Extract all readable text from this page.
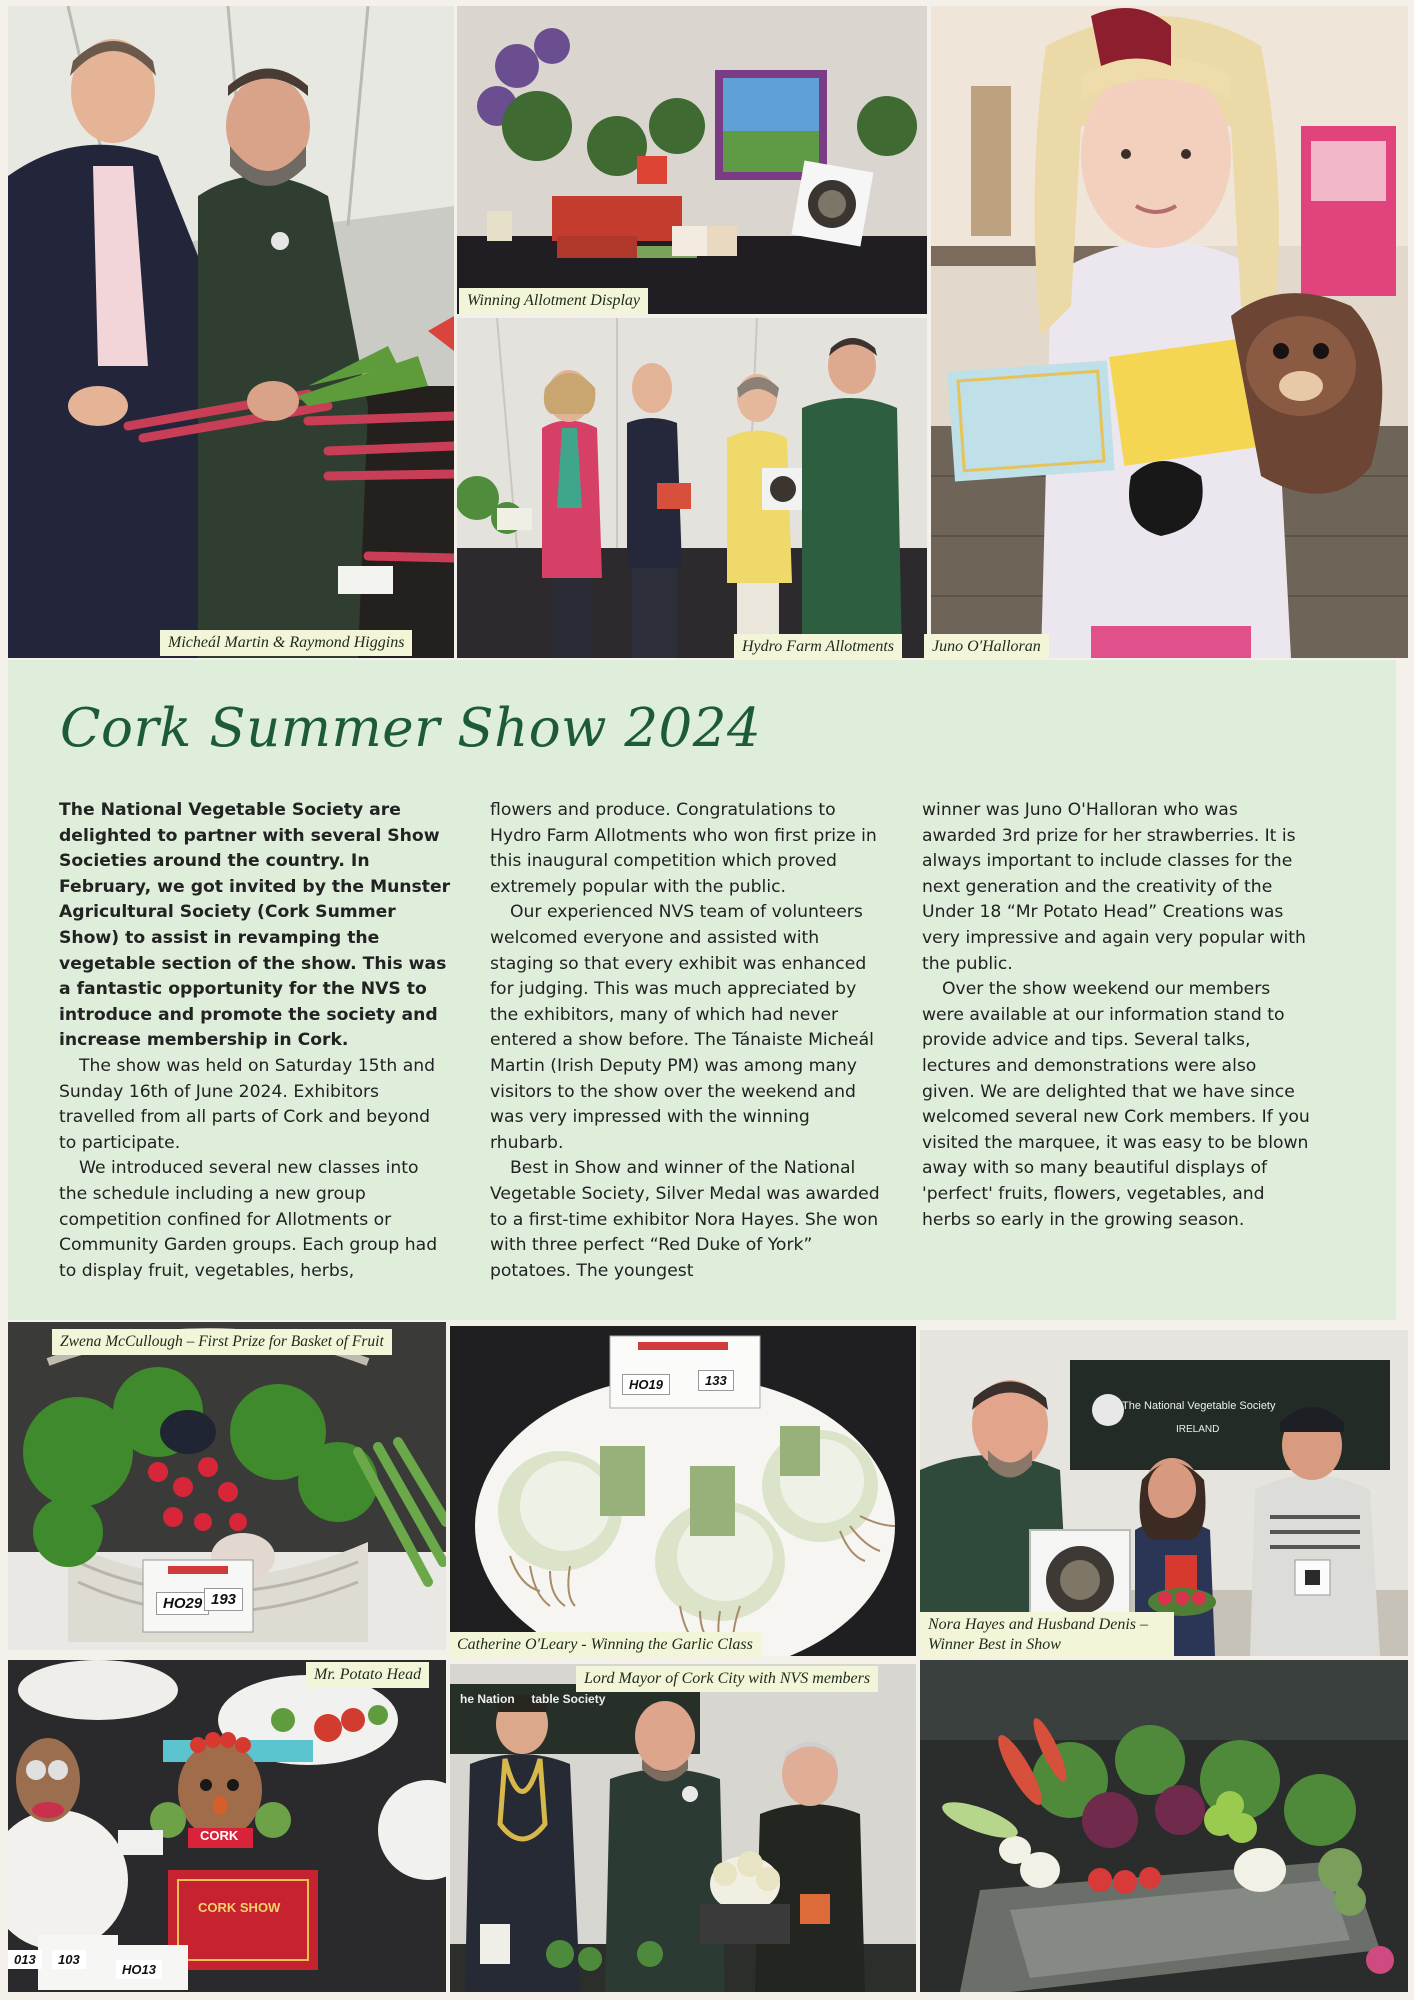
Micheál Martin & Raymond Higgins
Winning Allotment Display
Hydro Farm Allotments	Juno O'Halloran
Cork Summer Show 2024

The National Vegetable Society are delighted to partner with several Show Societies around the country. In February, we got invited by the Munster Agricultural Society (Cork Summer Show) to assist in revamping the vegetable section of the show. This was a fantastic opportunity for the NVS to introduce and promote the society and increase membership in Cork.

The show was held on Saturday 15th and Sunday 16th of June 2024. Exhibitors travelled from all parts of Cork and beyond to participate.

We introduced several new classes into the schedule including a new group competition confined for Allotments or Community Garden groups. Each group had to display fruit, vegetables, herbs,

flowers and produce. Congratulations to Hydro Farm Allotments who won first prize in this inaugural competition which proved extremely popular with the public.

Our experienced NVS team of volunteers welcomed everyone and assisted with staging so that every exhibit was enhanced for judging. This was much appreciated by the exhibitors, many of which had never entered a show before. The Tánaiste Micheál Martin (Irish Deputy PM) was among many visitors to the show over the weekend and was very impressed with the winning rhubarb.

Best in Show and winner of the National Vegetable Society, Silver Medal was awarded to a first-time exhibitor Nora Hayes. She won with three perfect “Red Duke of York” potatoes. The youngest

winner was Juno O'Halloran who was awarded 3rd prize for her strawberries. It is always important to include classes for the next generation and the creativity of the Under 18 “Mr Potato Head” Creations was very impressive and again very popular with the public.

Over the show weekend our members were available at our information stand to provide advice and tips. Several talks, lectures and demonstrations were also given. We are delighted that we have since welcomed several new Cork members. If you visited the marquee, it was easy to be blown away with so many beautiful displays of 'perfect' fruits, flowers, vegetables, and herbs so early in the growing season.

HO29 193
Zwena McCullough – First Prize for Basket of Fruit
HO19	133
Catherine O'Leary - Winning the Garlic Class
The National Vegetable Society
IRELAND
Nora Hayes and Husband Denis – Winner Best in Show
CORK
CORK SHOW
013	103
HO13
Mr. Potato Head
he Nation     table Society
Lord Mayor of Cork City with NVS members
